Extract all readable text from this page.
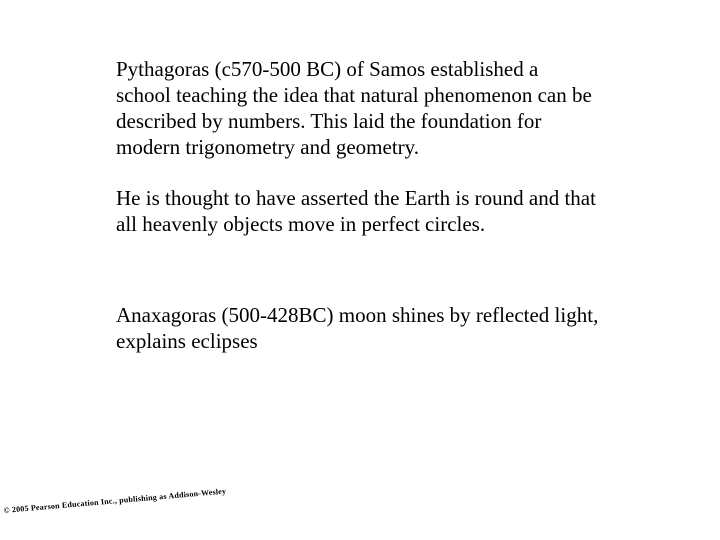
Pythagoras (c570-500 BC) of Samos established a
school teaching the idea that natural phenomenon can be
described by numbers. This laid the foundation for
modern trigonometry and geometry.

He is thought to have asserted the Earth is round and that
all heavenly objects move in perfect circles.

Anaxagoras (500-428BC) moon shines by reflected light,
explains eclipses

© 2005 Pearson Education Inc., publishing as Addison-Wesley
